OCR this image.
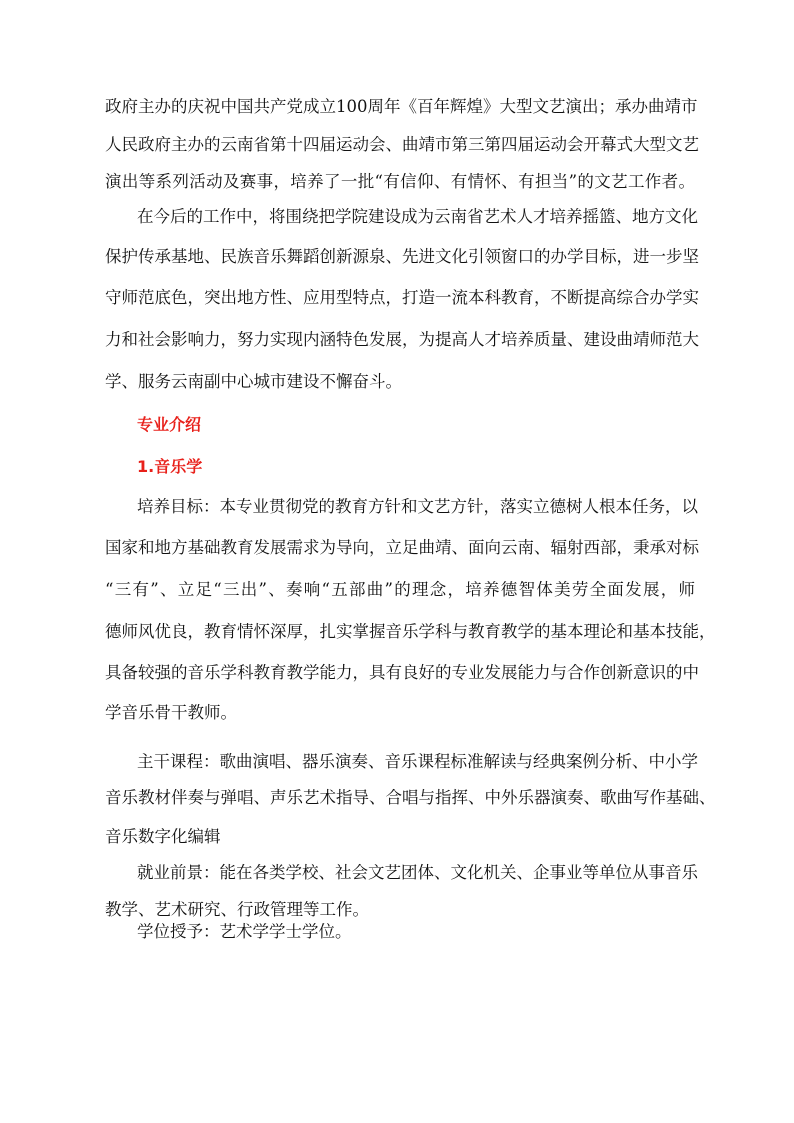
政府主办的庆祝中国共产党成立100周年《百年辉煌》大型文艺演出；承办曲靖市
人民政府主办的云南省第十四届运动会、曲靖市第三第四届运动会开幕式大型文艺
演出等系列活动及赛事，培养了一批“有信仰、有情怀、有担当”的文艺工作者。
在今后的工作中，将围绕把学院建设成为云南省艺术人才培养摇篮、地方文化
保护传承基地、民族音乐舞蹈创新源泉、先进文化引领窗口的办学目标，进一步坚
守师范底色，突出地方性、应用型特点，打造一流本科教育，不断提高综合办学实
力和社会影响力，努力实现内涵特色发展，为提高人才培养质量、建设曲靖师范大
学、服务云南副中心城市建设不懈奋斗。
专业介绍
1.音乐学
培养目标：本专业贯彻党的教育方针和文艺方针，落实立德树人根本任务，以
国家和地方基础教育发展需求为导向，立足曲靖、面向云南、辐射西部，秉承对标
“三有”、立足“三出”、奏响“五部曲”的理念，培养德智体美劳全面发展，师
德师风优良，教育情怀深厚，扎实掌握音乐学科与教育教学的基本理论和基本技能，
具备较强的音乐学科教育教学能力，具有良好的专业发展能力与合作创新意识的中
学音乐骨干教师。
主干课程：歌曲演唱、器乐演奏、音乐课程标准解读与经典案例分析、中小学
音乐教材伴奏与弹唱、声乐艺术指导、合唱与指挥、中外乐器演奏、歌曲写作基础、
音乐数字化编辑
就业前景：能在各类学校、社会文艺团体、文化机关、企事业等单位从事音乐
教学、艺术研究、行政管理等工作。
学位授予：艺术学学士学位。
